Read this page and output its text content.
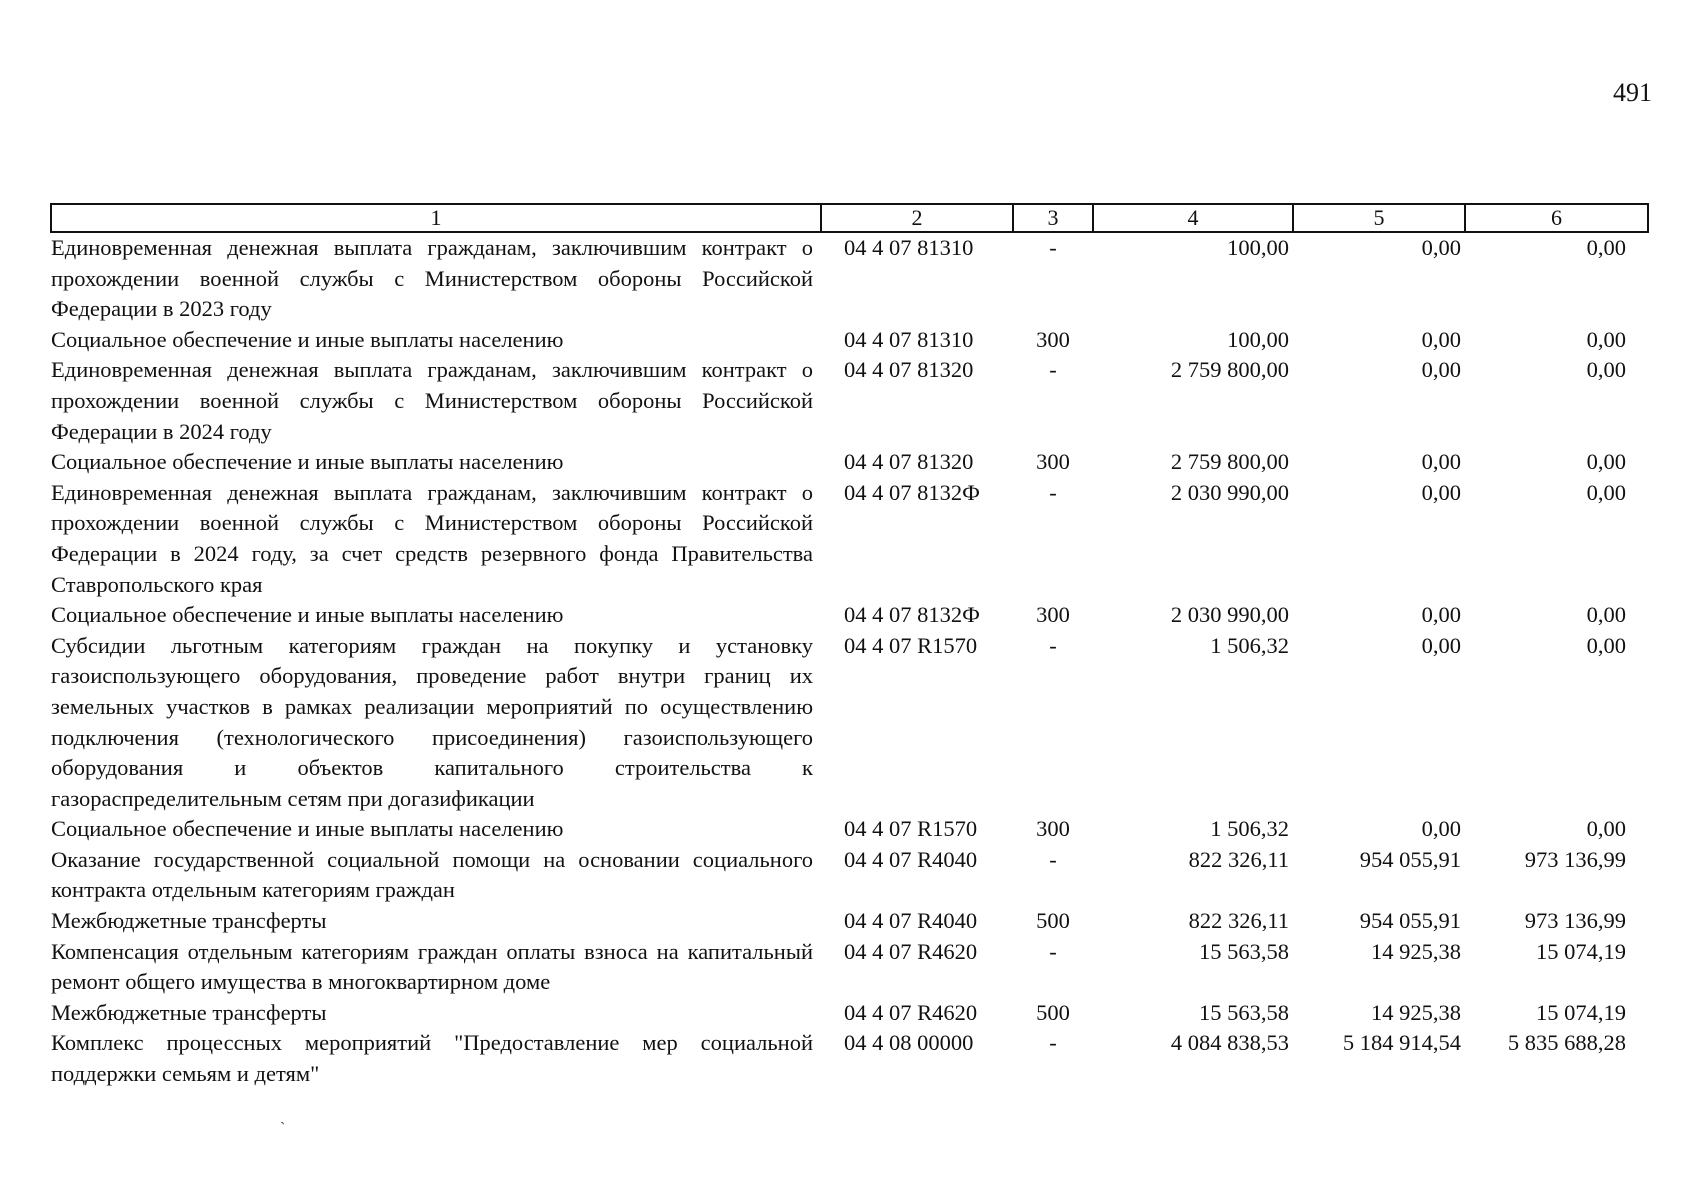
491
1	2	3	4	5	6
Единовременная денежная выплата гражданам, заключившим контракт о прохождении военной службы с Министерством обороны Российской Федерации в 2023 году	04 4 07 81310	-	100,00	0,00	0,00
Социальное обеспечение и иные выплаты населению	04 4 07 81310	300	100,00	0,00	0,00
Единовременная денежная выплата гражданам, заключившим контракт о прохождении военной службы с Министерством обороны Российской Федерации в 2024 году	04 4 07 81320	-	2 759 800,00	0,00	0,00
Социальное обеспечение и иные выплаты населению	04 4 07 81320	300	2 759 800,00	0,00	0,00
Единовременная денежная выплата гражданам, заключившим контракт о прохождении военной службы с Министерством обороны Российской Федерации в 2024 году, за счет средств резервного фонда Правительства Ставропольского края	04 4 07 8132Ф	-	2 030 990,00	0,00	0,00
Социальное обеспечение и иные выплаты населению	04 4 07 8132Ф	300	2 030 990,00	0,00	0,00
Субсидии льготным категориям граждан на покупку и установку газоиспользующего оборудования, проведение работ внутри границ их земельных участков в рамках реализации мероприятий по осуществлению подключения (технологического присоединения) газоиспользующего оборудования и объектов капитального строительства к газораспределительным сетям при догазификации	04 4 07 R1570	-	1 506,32	0,00	0,00
Социальное обеспечение и иные выплаты населению	04 4 07 R1570	300	1 506,32	0,00	0,00
Оказание государственной социальной помощи на основании социального контракта отдельным категориям граждан	04 4 07 R4040	-	822 326,11	954 055,91	973 136,99
Межбюджетные трансферты	04 4 07 R4040	500	822 326,11	954 055,91	973 136,99
Компенсация отдельным категориям граждан оплаты взноса на капитальный ремонт общего имущества в многоквартирном доме	04 4 07 R4620	-	15 563,58	14 925,38	15 074,19
Межбюджетные трансферты	04 4 07 R4620	500	15 563,58	14 925,38	15 074,19
Комплекс процессных мероприятий "Предоставление мер социальной поддержки семьям и детям"	04 4 08 00000	-	4 084 838,53	5 184 914,54	5 835 688,28
`
